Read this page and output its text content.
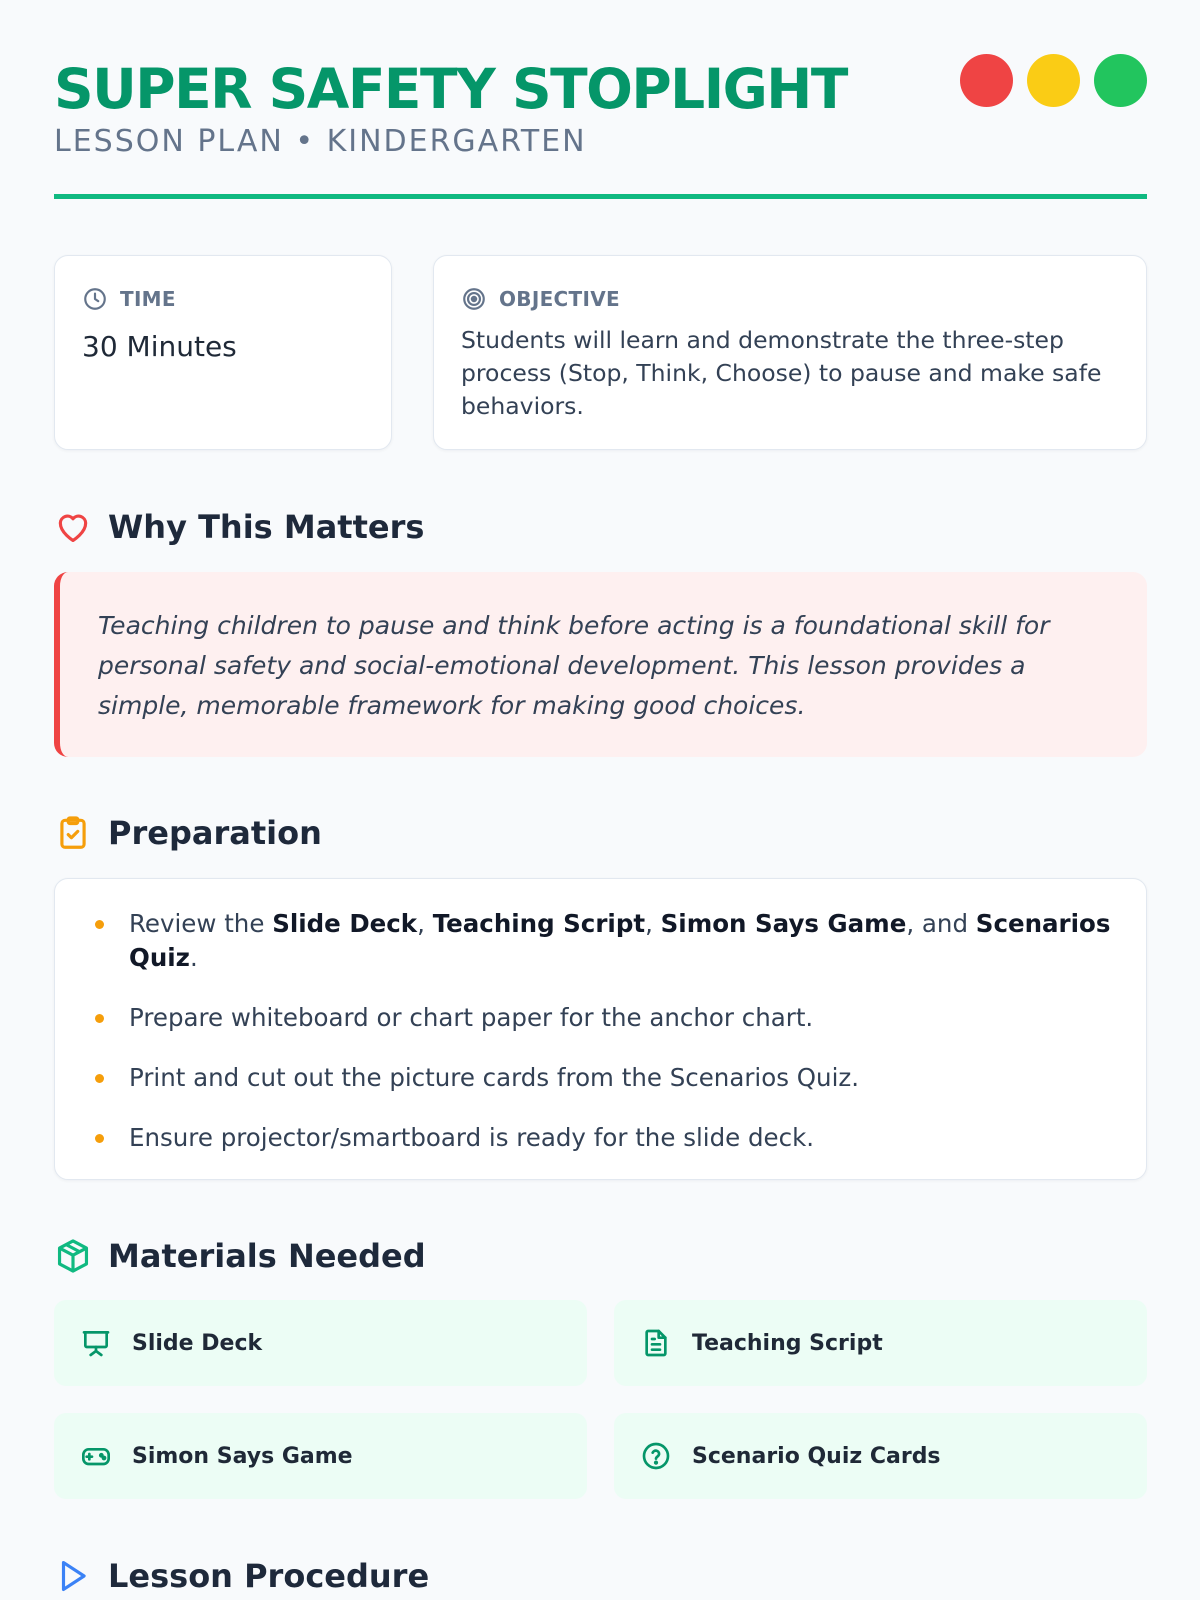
SUPER SAFETY STOPLIGHT
LESSON PLAN • KINDERGARTEN
TIME
30 Minutes
OBJECTIVE
Students will learn and demonstrate the three-step process (Stop, Think, Choose) to pause and make safe behaviors.
Why This Matters

Teaching children to pause and think before acting is a foundational skill for personal safety and social-emotional development. This lesson provides a simple, memorable framework for making good choices.

Preparation
Review the Slide Deck, Teaching Script, Simon Says Game, and Scenarios Quiz.
Prepare whiteboard or chart paper for the anchor chart.
Print and cut out the picture cards from the Scenarios Quiz.
Ensure projector/smartboard is ready for the slide deck.
Materials Needed
Slide Deck	Teaching Script
Simon Says Game	Scenario Quiz Cards
Lesson Procedure
